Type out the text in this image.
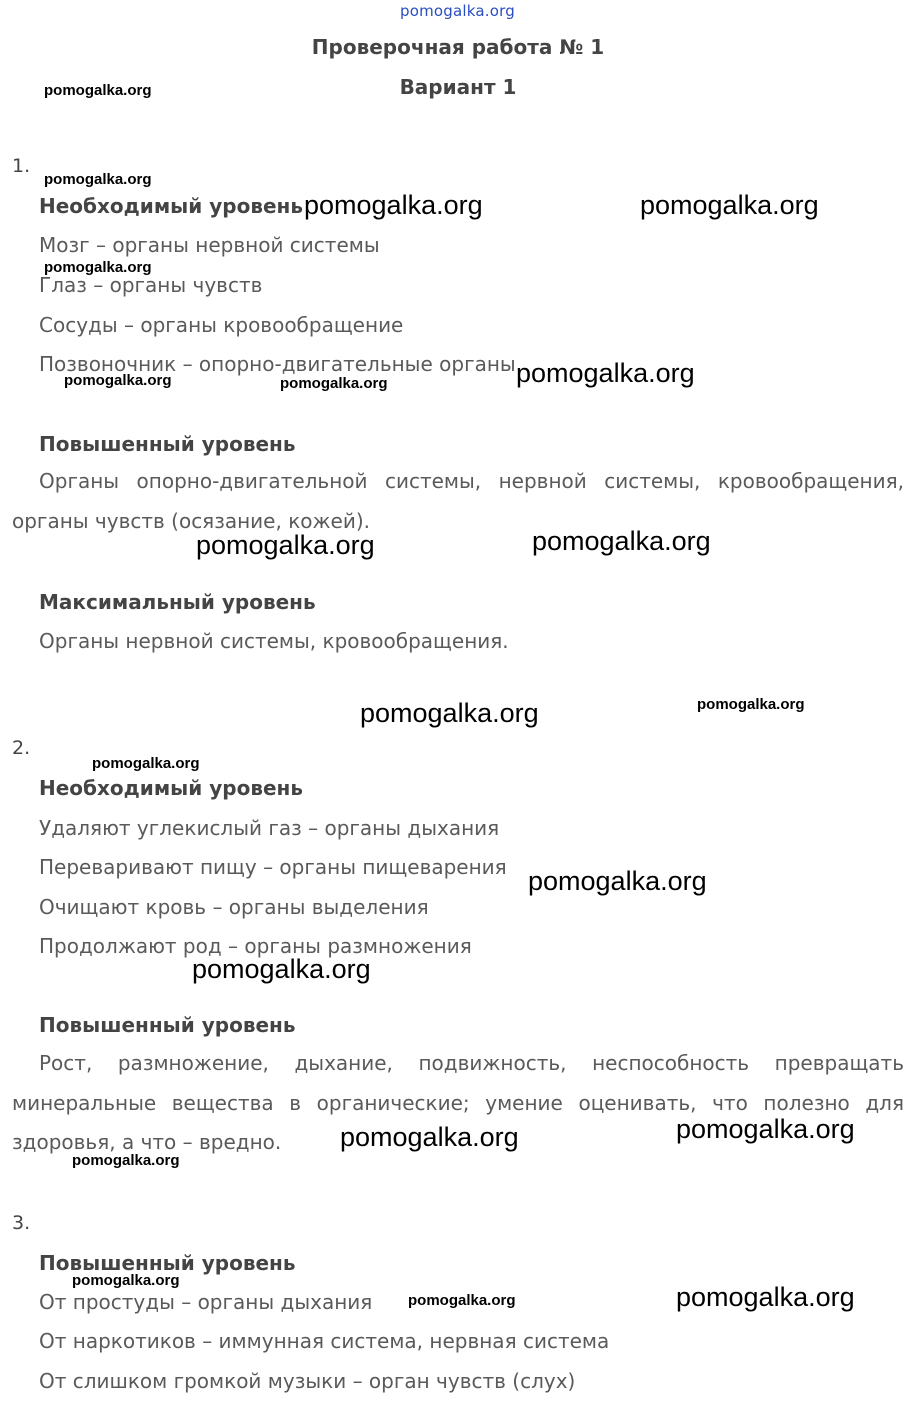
pomogalka.org
Проверочная работа № 1
Вариант 1
1.
Необходимый уровень
Мозг – органы нервной системы
Глаз – органы чувств
Сосуды – органы кровообращение
Позвоночник – опорно-двигательные органы
Повышенный уровень

Органы опорно-двигательной системы, нервной системы, кровообращения, органы чувств (осязание, кожей).

Максимальный уровень
Органы нервной системы, кровообращения.
2.
Необходимый уровень
Удаляют углекислый газ – органы дыхания
Переваривают пищу – органы пищеварения
Очищают кровь – органы выделения
Продолжают род – органы размножения
Повышенный уровень

Рост, размножение, дыхание, подвижность, неспособность превращать минеральные вещества в органические; умение оценивать, что полезно для здоровья, а что – вредно.

3.
Повышенный уровень
От простуды – органы дыхания
От наркотиков – иммунная система, нервная система
От слишком громкой музыки – орган чувств (слух)
pomogalka.org
pomogalka.org
pomogalka.org
pomogalka.org	pomogalka.org
pomogalka.org
pomogalka.org
pomogalka.org
pomogalka.org
pomogalka.org
pomogalka.org	pomogalka.org
pomogalka.org
pomogalka.org	pomogalka.org
pomogalka.org
pomogalka.org
pomogalka.org
pomogalka.org	pomogalka.org
pomogalka.org
